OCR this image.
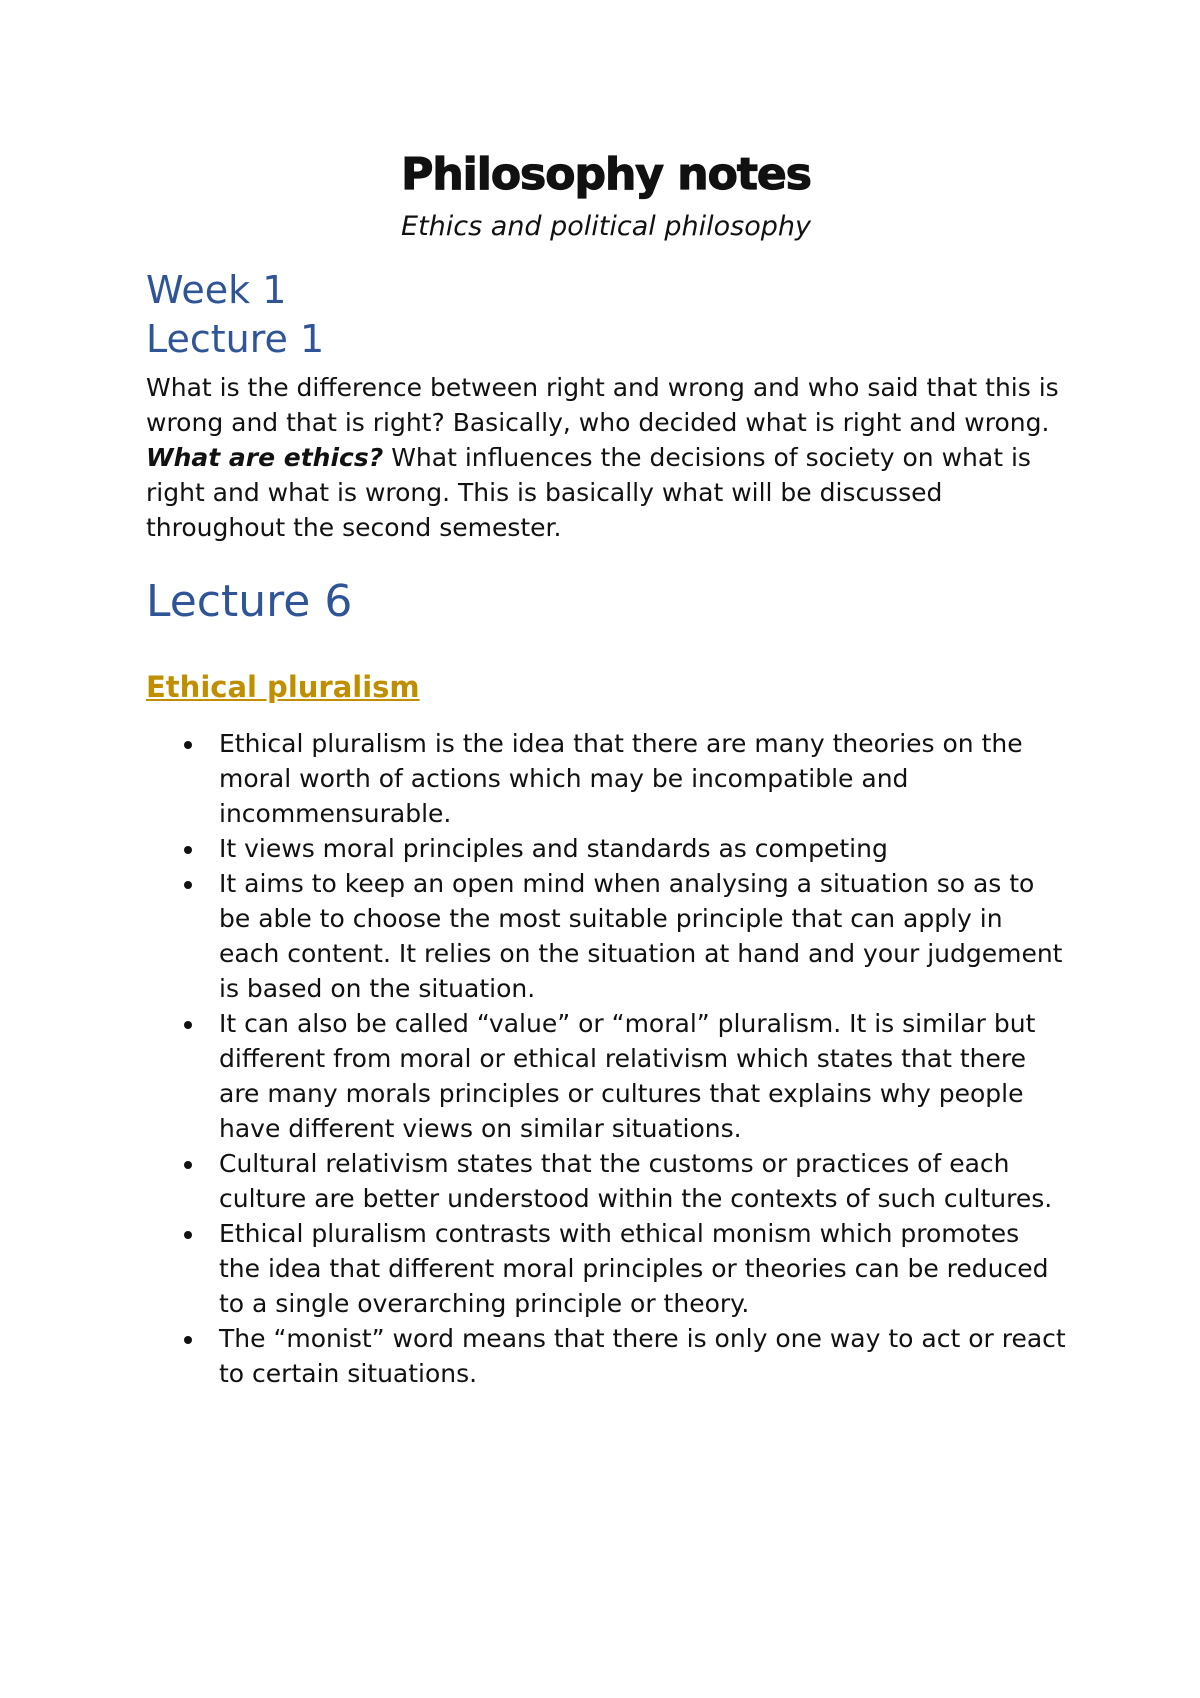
Philosophy notes

Ethics and political philosophy

Week 1
Lecture 1

What is the difference between right and wrong and who said that this is wrong and that is right? Basically, who decided what is right and wrong. What are ethics? What influences the decisions of society on what is right and what is wrong. This is basically what will be discussed throughout the second semester.

Lecture 6
Ethical pluralism
Ethical pluralism is the idea that there are many theories on the moral worth of actions which may be incompatible and incommensurable.
It views moral principles and standards as competing
It aims to keep an open mind when analysing a situation so as to be able to choose the most suitable principle that can apply in each content. It relies on the situation at hand and your judgement is based on the situation.
It can also be called “value” or “moral” pluralism. It is similar but different from moral or ethical relativism which states that there are many morals principles or cultures that explains why people have different views on similar situations.
Cultural relativism states that the customs or practices of each culture are better understood within the contexts of such cultures.
Ethical pluralism contrasts with ethical monism which promotes the idea that different moral principles or theories can be reduced to a single overarching principle or theory.
The “monist” word means that there is only one way to act or react to certain situations.
